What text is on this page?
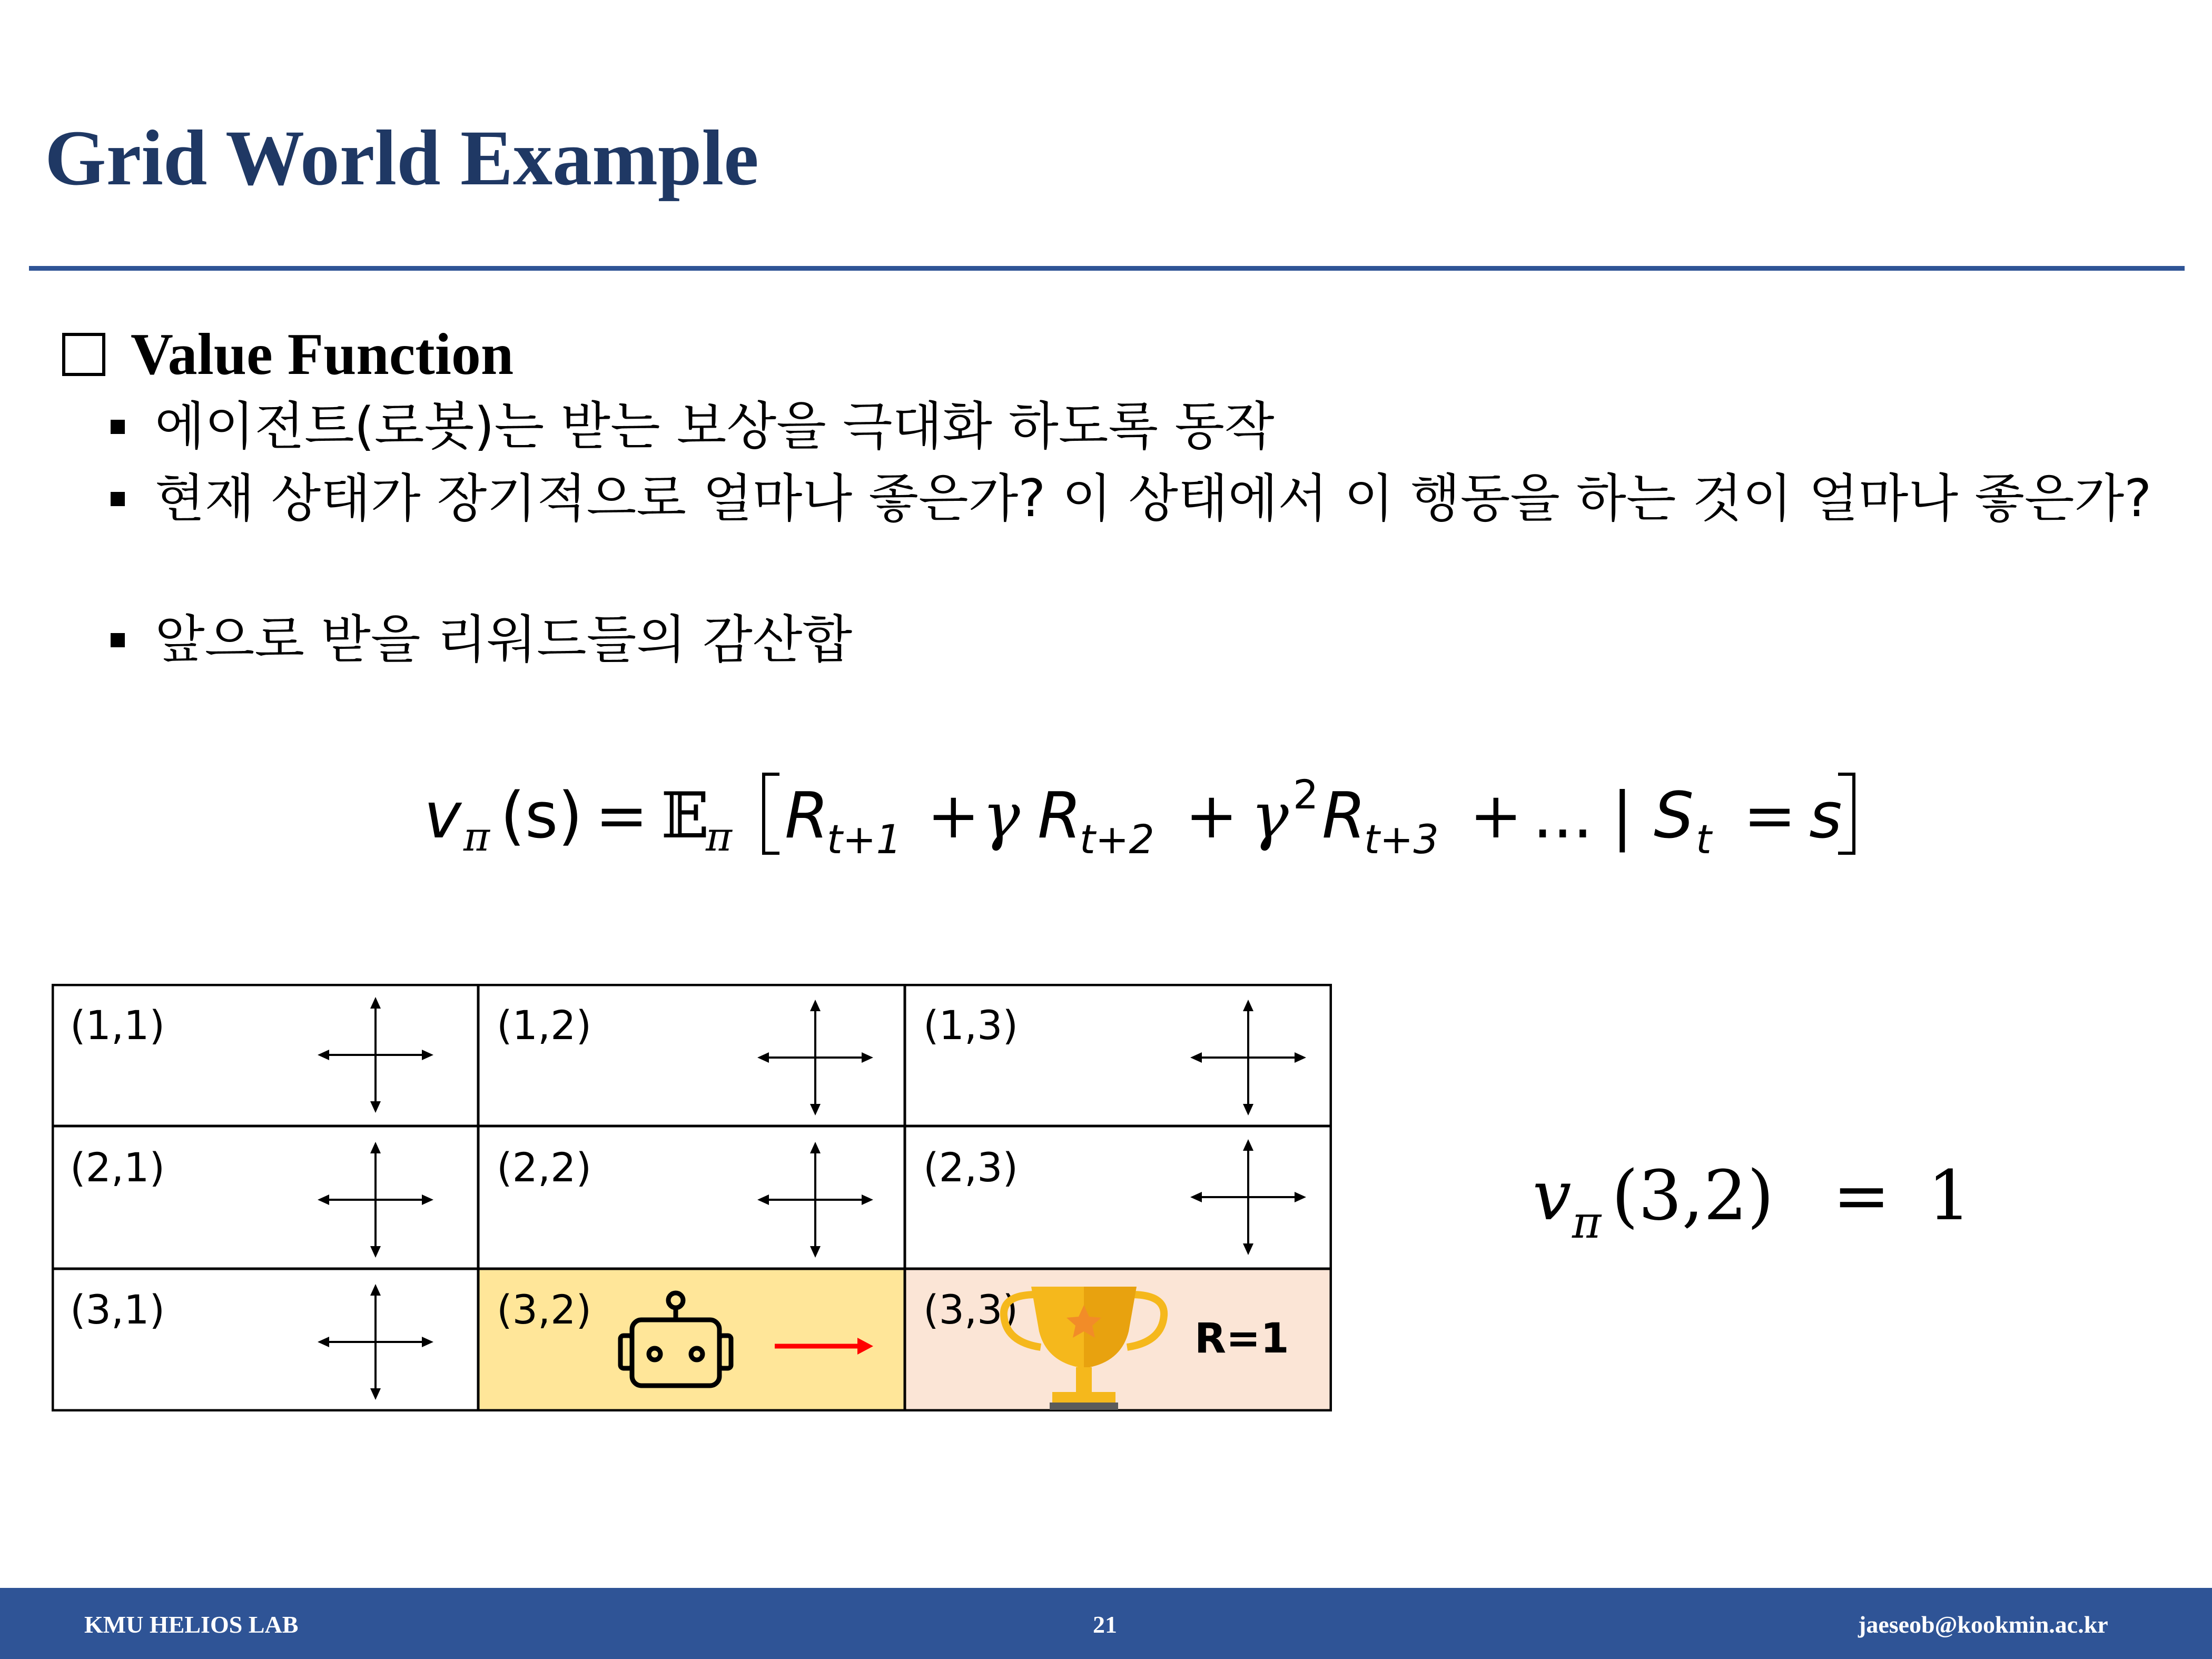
Grid World Example
Value Function
에이전트(로봇)는 받는 보상을 극대화 하도록 동작
현재 상태가 장기적으로 얼마나 좋은가? 이 상태에서 이 행동을 하는 것이 얼마나 좋은가?
앞으로 받을 리워드들의 감산합
v π (s) = 𝔼
π R
t+1 + γ R
t+2 + γ 2 R
t+3 + ... | S t = s
(1,1)	(1,2)	(1,3)
(2,1)	(2,2)	(2,3)
(3,1)	(3,2)	(3,3)
R=1
v π (3,2) = 1
KMU HELIOS LAB	21	jaeseob@kookmin.ac.kr
